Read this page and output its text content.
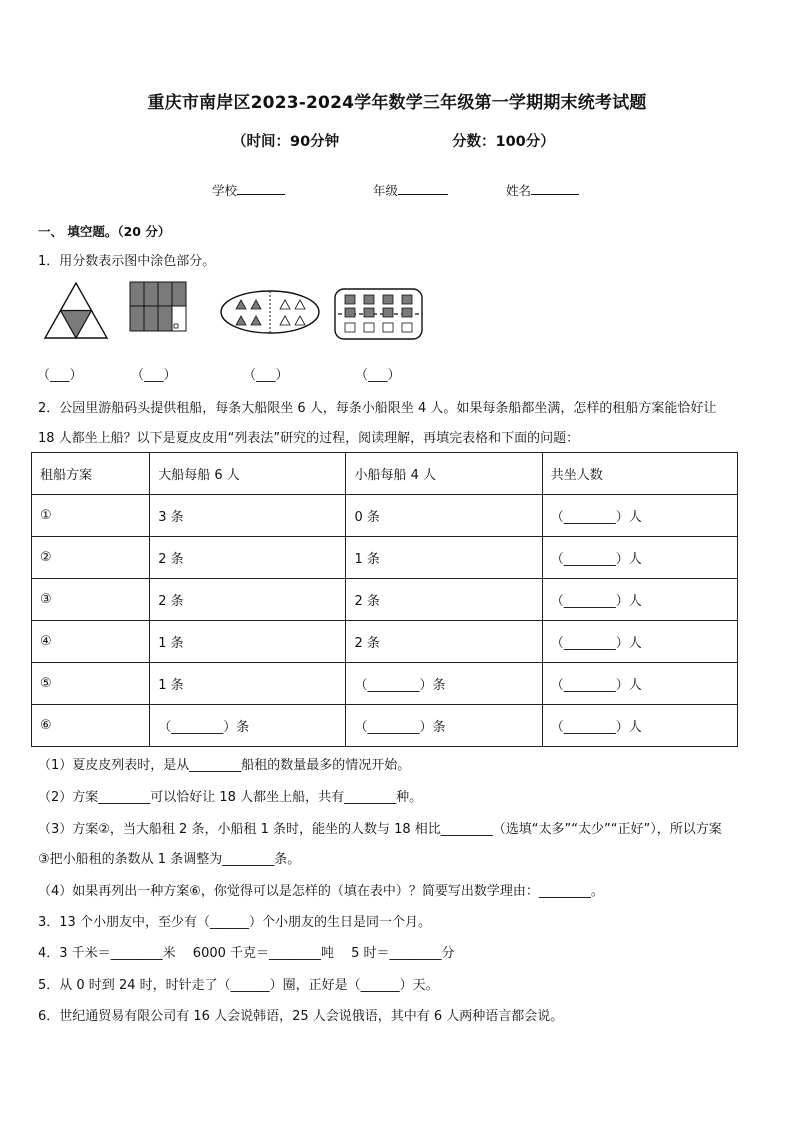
重庆市南岸区2023-2024学年数学三年级第一学期期末统考试题
（时间：90分钟	分数：100分）
学校	年级	姓名
一、 填空题。（20 分）
1．用分数表示图中涂色部分。
（___）	（___）	（___）	（___）
2．公园里游船码头提供租船，每条大船限坐 6 人，每条小船限坐 4 人。如果每条船都坐满，怎样的租船方案能恰好让
18 人都坐上船？以下是夏皮皮用“列表法”研究的过程，阅读理解，再填完表格和下面的问题：
租船方案	大船每船 6 人	小船每船 4 人	共坐人数
①	3 条	0 条	（________）人
②	2 条	1 条	（________）人
③	2 条	2 条	（________）人
④	1 条	2 条	（________）人
⑤	1 条	（________）条	（________）人
⑥	（________）条	（________）条	（________）人
（1）夏皮皮列表时，是从________船租的数量最多的情况开始。
（2）方案________可以恰好让 18 人都坐上船，共有________种。
（3）方案②，当大船租 2 条，小船租 1 条时，能坐的人数与 18 相比________（选填“太多”“太少”“正好”），所以方案
③把小船租的条数从 1 条调整为________条。
（4）如果再列出一种方案⑥，你觉得可以是怎样的（填在表中）？简要写出数学理由：________。
3．13 个小朋友中，至少有（______）个小朋友的生日是同一个月。
4．3 千米＝________米　 6000 千克＝________吨　 5 时＝________分
5．从 0 时到 24 时，时针走了（______）圈，正好是（______）天。
6．世纪通贸易有限公司有 16 人会说韩语，25 人会说俄语，其中有 6 人两种语言都会说。
